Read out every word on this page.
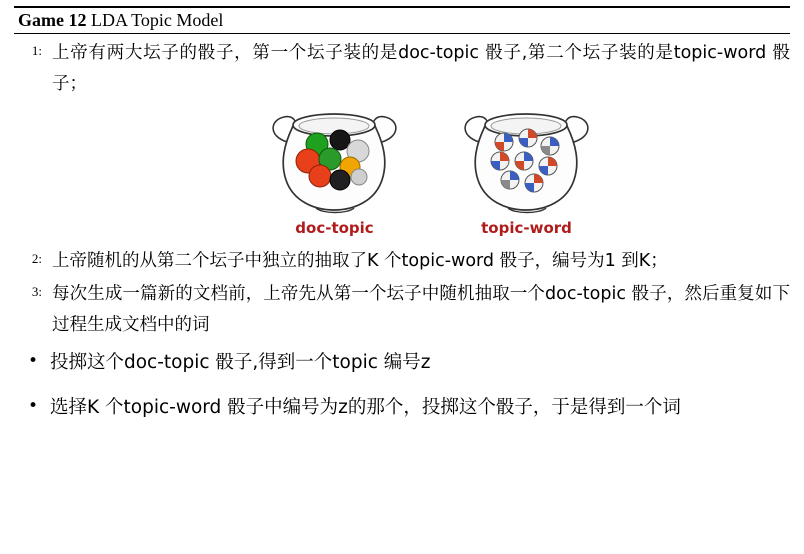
Game 12 LDA Topic Model
1: 上帝有两大坛子的骰子，第一个坛子装的是doc-topic 骰子,第二个坛子装的是topic-word 骰子；
doc-topic	topic-word
2: 上帝随机的从第二个坛子中独立的抽取了K 个topic-word 骰子，编号为1 到K；
3: 每次生成一篇新的文档前，上帝先从第一个坛子中随机抽取一个doc-topic 骰子，然后重复如下过程生成文档中的词
• 投掷这个doc-topic 骰子,得到一个topic 编号z
• 选择K 个topic-word 骰子中编号为z的那个，投掷这个骰子，于是得到一个词
